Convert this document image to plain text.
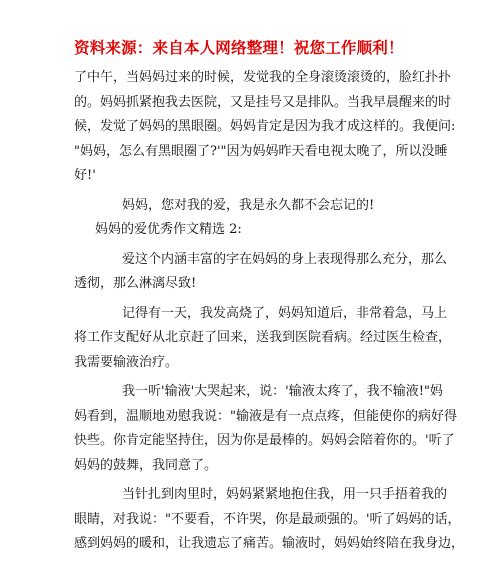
资料来源：来自本人网络整理！祝您工作顺利！
了中午，当妈妈过来的时候，发觉我的全身滚烫滚烫的，脸红扑扑
的。妈妈抓紧抱我去医院，又是挂号又是排队。当我早晨醒来的时
候，发觉了妈妈的黑眼圈。妈妈肯定是因为我才成这样的。我便问:
"妈妈，怎么有黑眼圈了?'"因为妈妈昨天看电视太晚了，所以没睡
好!'
妈妈，您对我的爱，我是永久都不会忘记的!
妈妈的爱优秀作文精选 2:
爱这个内涵丰富的字在妈妈的身上表现得那么充分，那么
透彻，那么淋漓尽致!
记得有一天，我发高烧了，妈妈知道后，非常着急，马上
将工作支配好从北京赶了回来，送我到医院看病。经过医生检查，
我需要输液治疗。
我一听'输液'大哭起来，说：'输液太疼了，我不输液!"妈
妈看到，温顺地劝慰我说："输液是有一点点疼，但能使你的病好得
快些。你肯定能坚持住，因为你是最棒的。妈妈会陪着你的。'听了
妈妈的鼓舞，我同意了。
当针扎到肉里时，妈妈紧紧地抱住我，用一只手捂着我的
眼睛，对我说："不要看，不许哭，你是最顽强的。'听了妈妈的话，
感到妈妈的暖和，让我遗忘了痛苦。输液时，妈妈始终陪在我身边，
